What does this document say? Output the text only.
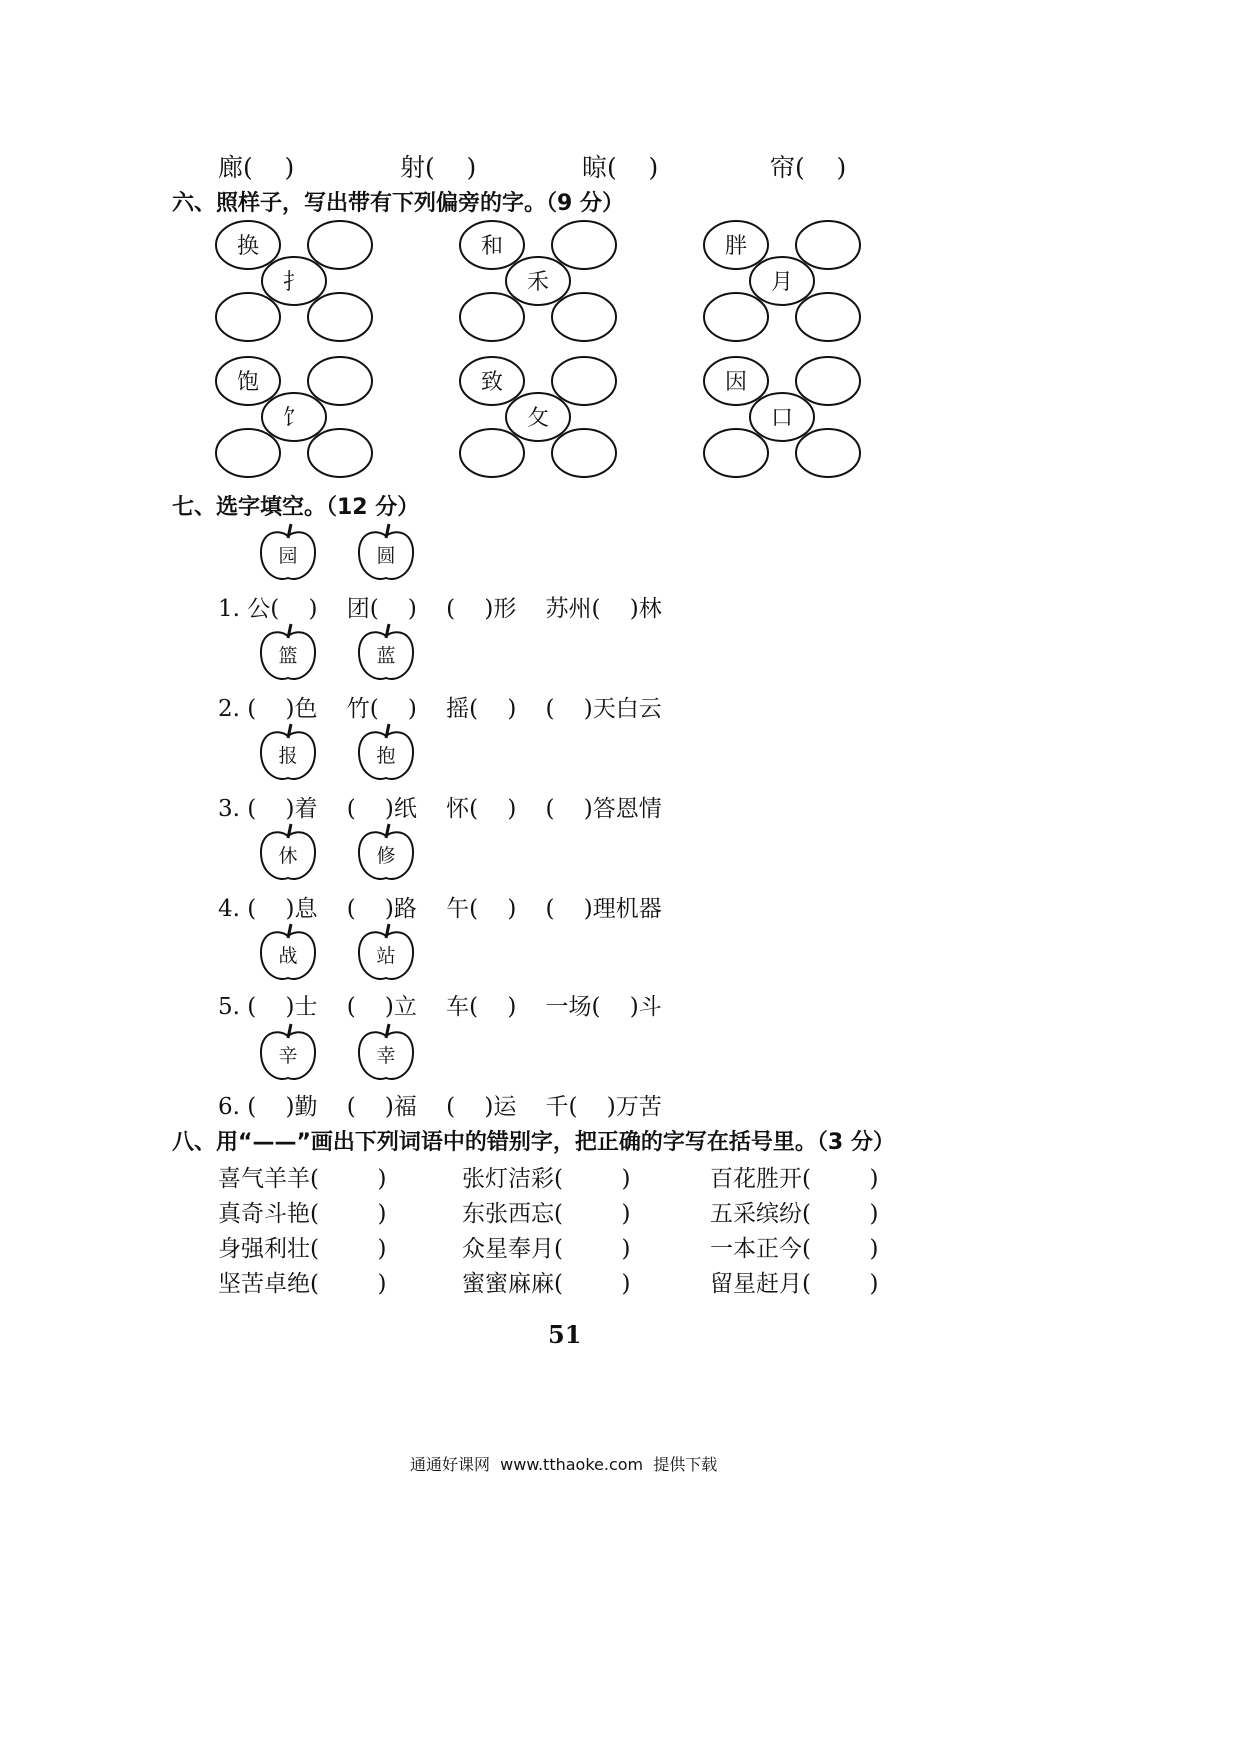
廊(    )	射(    )	晾(    )	帘(    )
六、照样子，写出带有下列偏旁的字。（9 分）
换
扌
和
禾
胖
月
饱
饣
致
攵
因
口
七、选字填空。（12 分）
园	圆
篮	蓝
报	抱
休	修
战	站
辛	幸
1. 公(    )    团(    )    (    )形    苏州(    )林
2. (    )色    竹(    )    摇(    )    (    )天白云
3. (    )着    (    )纸    怀(    )    (    )答恩情
4. (    )息    (    )路    午(    )    (    )理机器
5. (    )士    (    )立    车(    )    一场(    )斗
6. (    )勤    (    )福    (    )运    千(    )万苦
八、用“——”画出下列词语中的错别字，把正确的字写在括号里。（3 分）
喜气羊羊(        )	张灯洁彩(        )	百花胜开(        )
真奇斗艳(        )	东张西忘(        )	五采缤纷(        )
身强利壮(        )	众星奉月(        )	一本正今(        )
坚苦卓绝(        )	蜜蜜麻麻(        )	留星赶月(        )
51
通通好课网  www.tthaoke.com  提供下载
